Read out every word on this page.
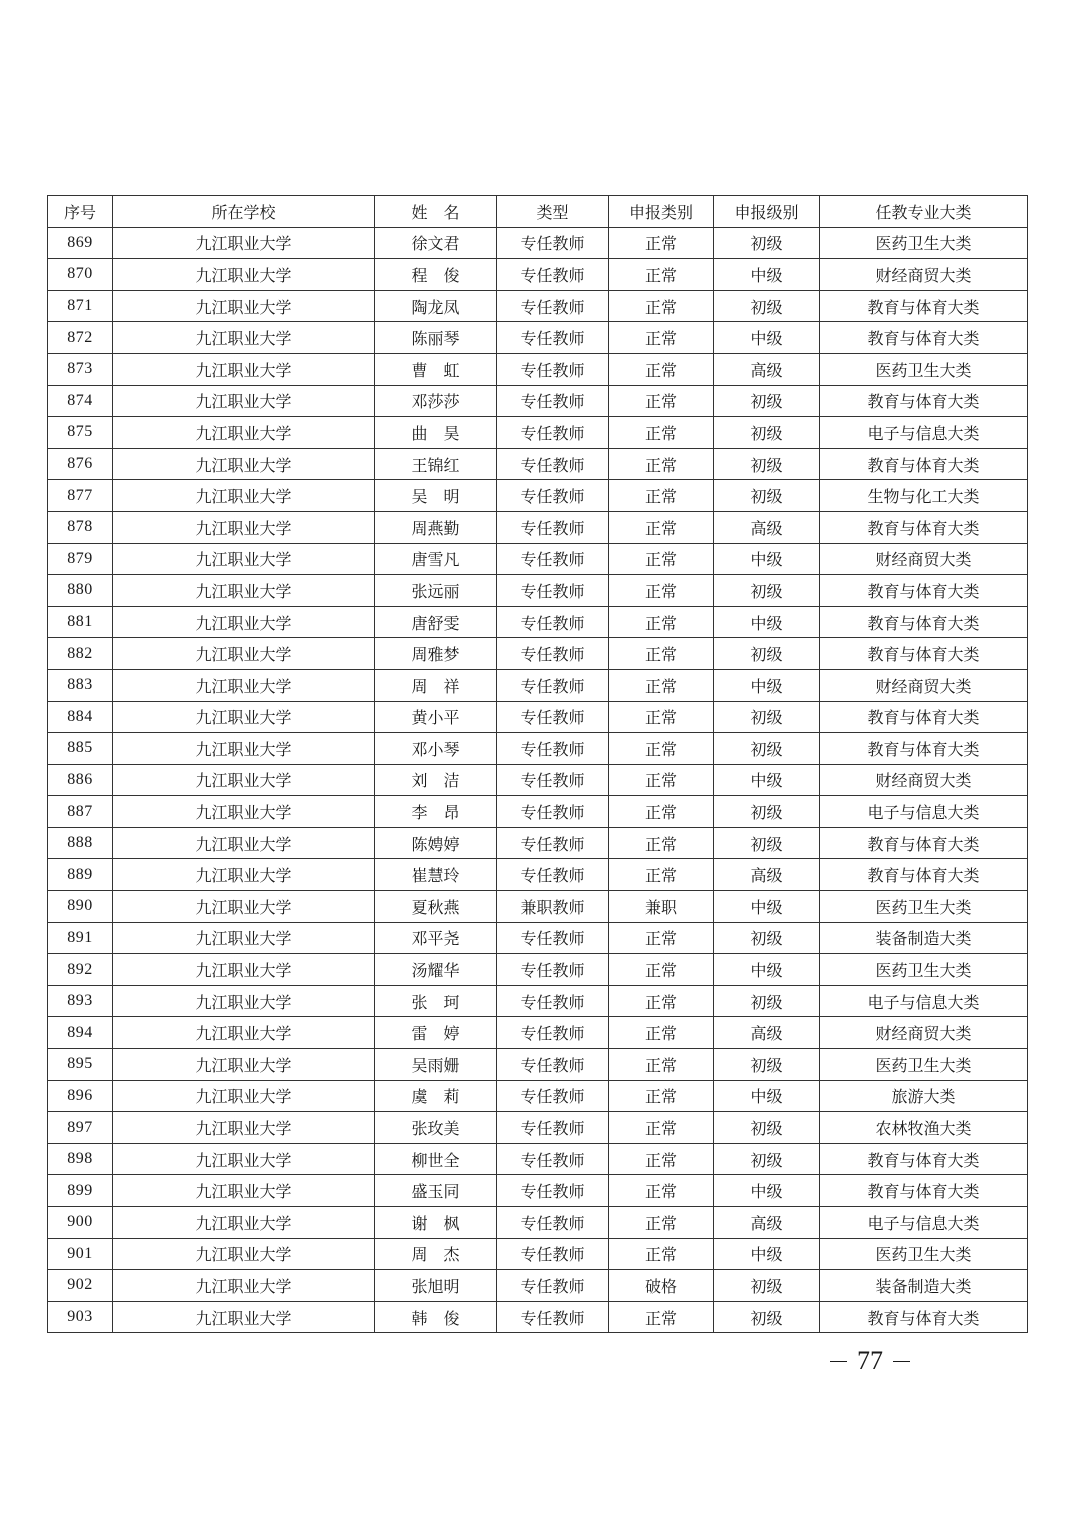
序号	所在学校	姓　名	类型	申报类别	申报级别	任教专业大类
869	九江职业大学	徐文君	专任教师	正常	初级	医药卫生大类
870	九江职业大学	程　俊	专任教师	正常	中级	财经商贸大类
871	九江职业大学	陶龙凤	专任教师	正常	初级	教育与体育大类
872	九江职业大学	陈丽琴	专任教师	正常	中级	教育与体育大类
873	九江职业大学	曹　虹	专任教师	正常	高级	医药卫生大类
874	九江职业大学	邓莎莎	专任教师	正常	初级	教育与体育大类
875	九江职业大学	曲　昊	专任教师	正常	初级	电子与信息大类
876	九江职业大学	王锦红	专任教师	正常	初级	教育与体育大类
877	九江职业大学	吴　明	专任教师	正常	初级	生物与化工大类
878	九江职业大学	周燕勤	专任教师	正常	高级	教育与体育大类
879	九江职业大学	唐雪凡	专任教师	正常	中级	财经商贸大类
880	九江职业大学	张远丽	专任教师	正常	初级	教育与体育大类
881	九江职业大学	唐舒雯	专任教师	正常	中级	教育与体育大类
882	九江职业大学	周雅梦	专任教师	正常	初级	教育与体育大类
883	九江职业大学	周　祥	专任教师	正常	中级	财经商贸大类
884	九江职业大学	黄小平	专任教师	正常	初级	教育与体育大类
885	九江职业大学	邓小琴	专任教师	正常	初级	教育与体育大类
886	九江职业大学	刘　洁	专任教师	正常	中级	财经商贸大类
887	九江职业大学	李　昂	专任教师	正常	初级	电子与信息大类
888	九江职业大学	陈娉婷	专任教师	正常	初级	教育与体育大类
889	九江职业大学	崔慧玲	专任教师	正常	高级	教育与体育大类
890	九江职业大学	夏秋燕	兼职教师	兼职	中级	医药卫生大类
891	九江职业大学	邓平尧	专任教师	正常	初级	装备制造大类
892	九江职业大学	汤耀华	专任教师	正常	中级	医药卫生大类
893	九江职业大学	张　珂	专任教师	正常	初级	电子与信息大类
894	九江职业大学	雷　婷	专任教师	正常	高级	财经商贸大类
895	九江职业大学	吴雨姗	专任教师	正常	初级	医药卫生大类
896	九江职业大学	虞　莉	专任教师	正常	中级	旅游大类
897	九江职业大学	张玫美	专任教师	正常	初级	农林牧渔大类
898	九江职业大学	柳世全	专任教师	正常	初级	教育与体育大类
899	九江职业大学	盛玉同	专任教师	正常	中级	教育与体育大类
900	九江职业大学	谢　枫	专任教师	正常	高级	电子与信息大类
901	九江职业大学	周　杰	专任教师	正常	中级	医药卫生大类
902	九江职业大学	张旭明	专任教师	破格	初级	装备制造大类
903	九江职业大学	韩　俊	专任教师	正常	初级	教育与体育大类
77
